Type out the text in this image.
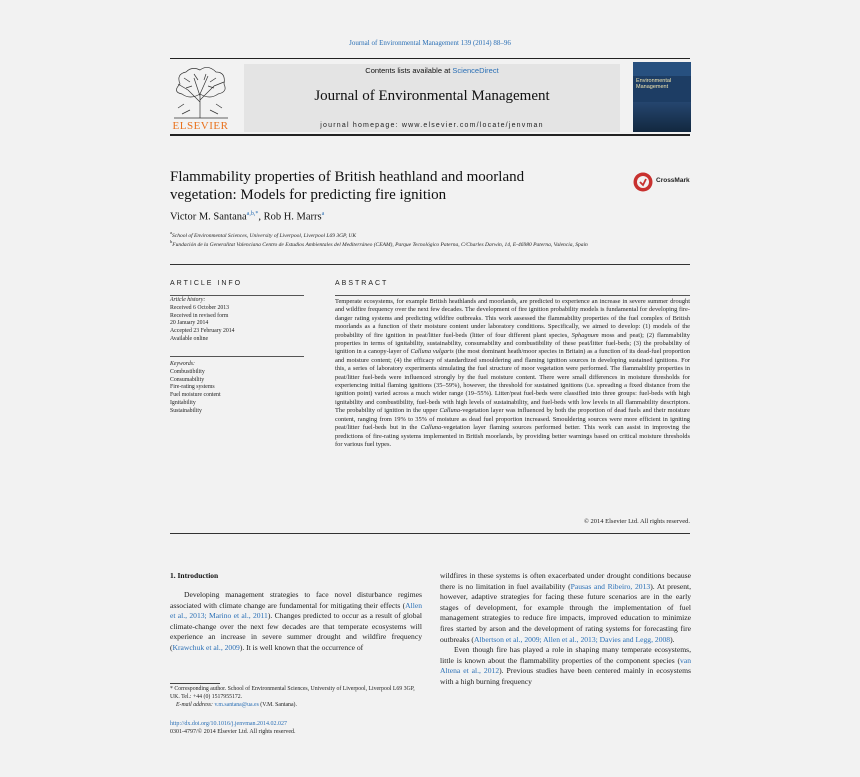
Journal of Environmental Management 139 (2014) 88–96
ELSEVIER
Contents lists available at ScienceDirect
Journal of Environmental Management
journal homepage: www.elsevier.com/locate/jenvman
Environmental Management
Flammability properties of British heathland and moorland vegetation: Models for predicting fire ignition
CrossMark
Victor M. Santana$^{a,b,*}$, Rob H. Marrs$^a$
$^a$School of Environmental Sciences, University of Liverpool, Liverpool L69 3GP, UK
$^b$Fundación de la Generalitat Valenciana Centro de Estudios Ambientales del Mediterráneo (CEAM), Parque Tecnológico Paterna, C/Charles Darwin, 14, E-46980 Paterna, Valencia, Spain
ARTICLE INFO
Article history:
Received 6 October 2013
Received in revised form
20 January 2014
Accepted 23 February 2014
Available online
Keywords:
Combustibility
Consumability
Fire-rating systems
Fuel moisture content
Ignitability
Sustainability
ABSTRACT
Temperate ecosystems, for example British heathlands and moorlands, are predicted to experience an increase in severe summer drought and wildfire frequency over the next few decades. The development of fire ignition probability models is fundamental for developing fire-danger rating systems and predicting wildfire outbreaks. This work assessed the flammability properties of the fuel complex of British moorlands as a function of their moisture content under laboratory conditions. Specifically, we aimed to develop: (1) models of the probability of fire ignition in peat/litter fuel-beds (litter of four different plant species, Sphagnum moss and peat); (2) flammability properties in terms of ignitability, sustainability, consumability and combustibility of these peat/litter fuel-beds; (3) the probability of ignition in a canopy-layer of Calluna vulgaris (the most dominant heath/moor species in Britain) as a function of its dead-fuel proportion and moisture content; (4) the efficacy of standardized smouldering and flaming ignition sources in developing sustained ignitions. For this, a series of laboratory experiments simulating the fuel structure of moor vegetation were performed. The flammability properties in peat/litter fuel-beds were influenced strongly by the fuel moisture content. There were small differences in moisture thresholds for experiencing initial flaming ignitions (35–59%), however, the threshold for sustained ignitions (i.e. spreading a fixed distance from the ignition point) varied across a much wider range (19–55%). Litter/peat fuel-beds were classified into three groups: fuel-beds with high ignitability and combustibility, fuel-beds with high levels of sustainability, and fuel-beds with low levels in all flammability descriptors. The probability of ignition in the upper Calluna-vegetation layer was influenced by both the proportion of dead fuels and their moisture content, ranging from 19% to 35% of moisture as dead fuel proportion increased. Smouldering sources were more efficient in igniting peat/litter fuel-beds but in the Calluna-vegetation layer flaming sources performed better. This work can assist in improving the predictions of fire-rating systems implemented in British moorlands, by providing better warnings based on critical moisture thresholds for various fuel types.
© 2014 Elsevier Ltd. All rights reserved.
1. Introduction

Developing management strategies to face novel disturbance regimes associated with climate change are fundamental for mitigating their effects (Allen et al., 2013; Marino et al., 2011). Changes predicted to occur as a result of global climate-change over the next few decades are that temperate ecosystems will experience an increase in severe summer drought and wildfire frequency (Krawchuk et al., 2009). It is well known that the occurrence of

wildfires in these systems is often exacerbated under drought conditions because there is no limitation in fuel availability (Pausas and Ribeiro, 2013). At present, however, adaptive strategies for facing these future scenarios are in the early stages of development, for example through the implementation of fuel management strategies to reduce fire impacts, improved education to minimize fires started by arson and the development of rating systems for forecasting fire outbreaks (Albertson et al., 2009; Allen et al., 2013; Davies and Legg, 2008).

Even though fire has played a role in shaping many temperate ecosystems, little is known about the flammability properties of the component species (van Altena et al., 2012). Previous studies have been centered mainly in ecosystems with a high burning frequency

* Corresponding author. School of Environmental Sciences, University of Liverpool, Liverpool L69 3GP, UK. Tel.: +44 (0) 1517955172.
E-mail address: v.m.santana@ua.es (V.M. Santana).
http://dx.doi.org/10.1016/j.jenvman.2014.02.027
0301-4797/© 2014 Elsevier Ltd. All rights reserved.
